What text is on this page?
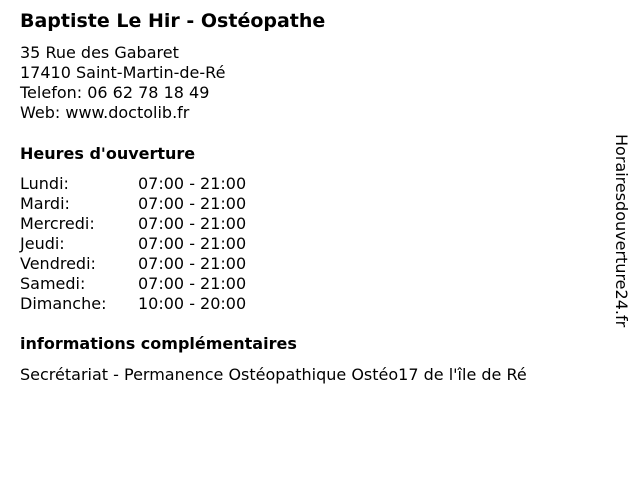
Baptiste Le Hir - Ostéopathe
35 Rue des Gabaret
17410 Saint-Martin-de-Ré
Telefon: 06 62 78 18 49
Web: www.doctolib.fr
Heures d'ouverture
Lundi:	07:00 - 21:00
Mardi:	07:00 - 21:00
Mercredi:	07:00 - 21:00
Jeudi:	07:00 - 21:00
Vendredi:	07:00 - 21:00
Samedi:	07:00 - 21:00
Dimanche:	10:00 - 20:00
informations complémentaires
Secrétariat - Permanence Ostéopathique Ostéo17 de l'île de Ré
Horairesdouverture24.fr
